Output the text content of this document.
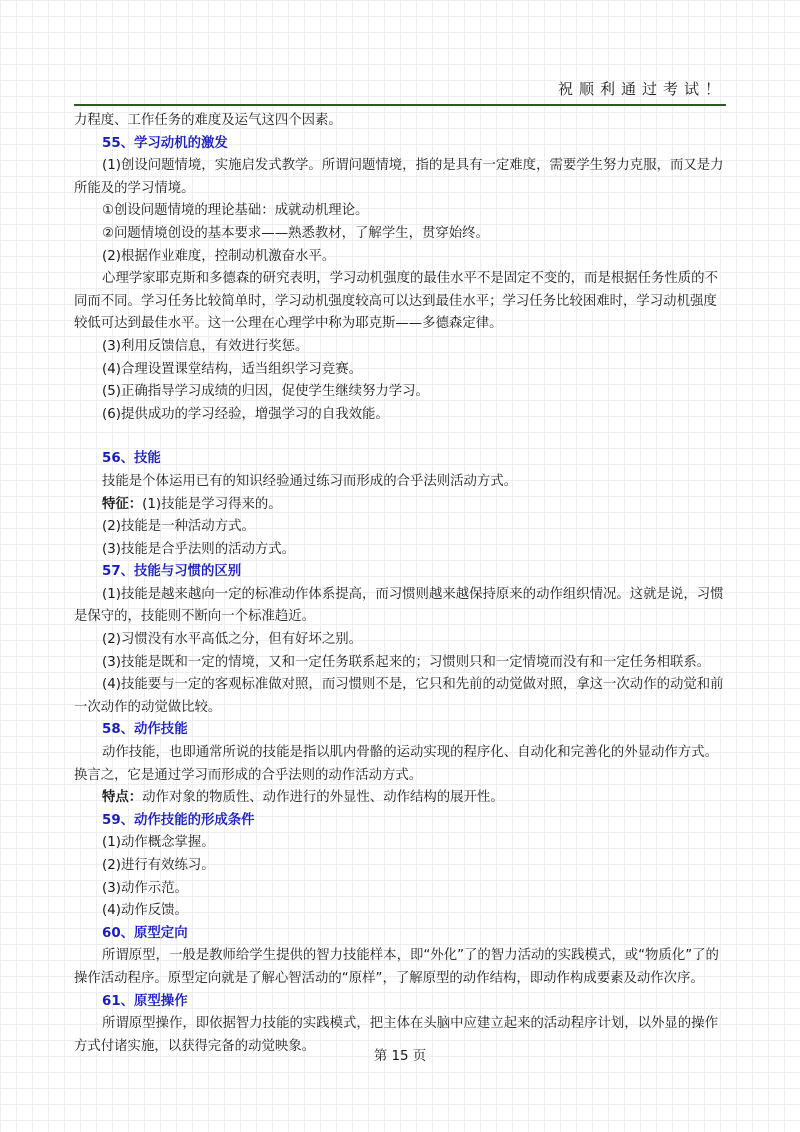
祝顺利通过考试！

力程度、工作任务的难度及运气这四个因素。

55、学习动机的激发

(1)创设问题情境，实施启发式教学。所谓问题情境，指的是具有一定难度，需要学生努力克服，而又是力所能及的学习情境。

①创设问题情境的理论基础：成就动机理论。

②问题情境创设的基本要求——熟悉教材，了解学生，贯穿始终。

(2)根据作业难度，控制动机激奋水平。

心理学家耶克斯和多德森的研究表明，学习动机强度的最佳水平不是固定不变的，而是根据任务性质的不同而不同。学习任务比较简单时，学习动机强度较高可以达到最佳水平；学习任务比较困难时，学习动机强度较低可达到最佳水平。这一公理在心理学中称为耶克斯——多德森定律。

(3)利用反馈信息，有效进行奖惩。

(4)合理设置课堂结构，适当组织学习竞赛。

(5)正确指导学习成绩的归因，促使学生继续努力学习。

(6)提供成功的学习经验，增强学习的自我效能。

56、技能

技能是个体运用已有的知识经验通过练习而形成的合乎法则活动方式。

特征：(1)技能是学习得来的。

(2)技能是一种活动方式。

(3)技能是合乎法则的活动方式。

57、技能与习惯的区别

(1)技能是越来越向一定的标准动作体系提高，而习惯则越来越保持原来的动作组织情况。这就是说，习惯是保守的，技能则不断向一个标准趋近。

(2)习惯没有水平高低之分，但有好坏之别。

(3)技能是既和一定的情境，又和一定任务联系起来的；习惯则只和一定情境而没有和一定任务相联系。

(4)技能要与一定的客观标准做对照，而习惯则不是，它只和先前的动觉做对照，拿这一次动作的动觉和前一次动作的动觉做比较。

58、动作技能

动作技能，也即通常所说的技能是指以肌内骨骼的运动实现的程序化、自动化和完善化的外显动作方式。换言之，它是通过学习而形成的合乎法则的动作活动方式。

特点：动作对象的物质性、动作进行的外显性、动作结构的展开性。

59、动作技能的形成条件

(1)动作概念掌握。

(2)进行有效练习。

(3)动作示范。

(4)动作反馈。

60、原型定向

所谓原型，一般是教师给学生提供的智力技能样本，即“外化”了的智力活动的实践模式，或“物质化”了的操作活动程序。原型定向就是了解心智活动的“原样”，了解原型的动作结构，即动作构成要素及动作次序。

61、原型操作

所谓原型操作，即依据智力技能的实践模式，把主体在头脑中应建立起来的活动程序计划，以外显的操作方式付诸实施，以获得完备的动觉映象。

第 15 页
